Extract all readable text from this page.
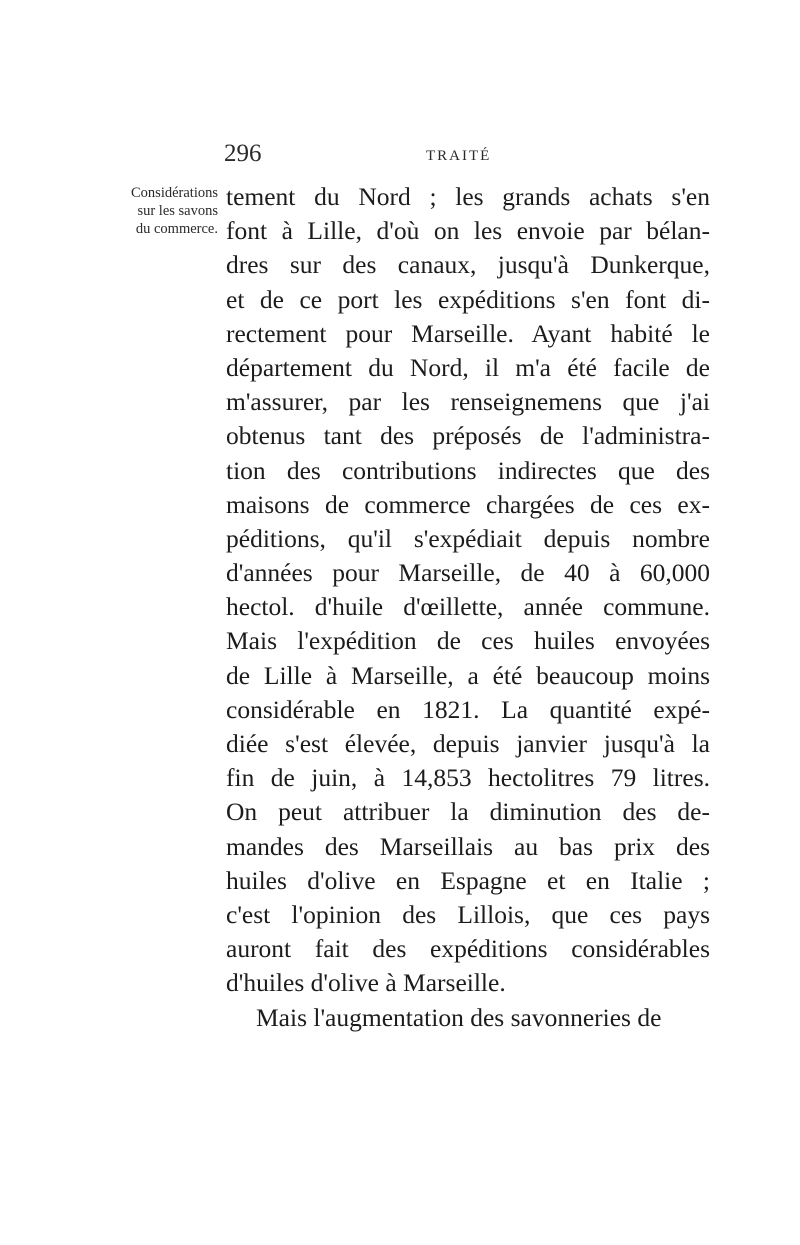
296	TRAITÉ
Considérations
sur les savons
du commerce.
tement du Nord ; les grands achats s'en
font à Lille, d'où on les envoie par bélan-
dres sur des canaux, jusqu'à Dunkerque,
et de ce port les expéditions s'en font di-
rectement pour Marseille. Ayant habité le
département du Nord, il m'a été facile de
m'assurer, par les renseignemens que j'ai
obtenus tant des préposés de l'administra-
tion des contributions indirectes que des
maisons de commerce chargées de ces ex-
péditions, qu'il s'expédiait depuis nombre
d'années pour Marseille, de 40 à 60,000
hectol. d'huile d'œillette, année commune.
Mais l'expédition de ces huiles envoyées
de Lille à Marseille, a été beaucoup moins
considérable en 1821. La quantité expé-
diée s'est élevée, depuis janvier jusqu'à la
fin de juin, à 14,853 hectolitres 79 litres.
On peut attribuer la diminution des de-
mandes des Marseillais au bas prix des
huiles d'olive en Espagne et en Italie ;
c'est l'opinion des Lillois, que ces pays
auront fait des expéditions considérables
d'huiles d'olive à Marseille.
Mais l'augmentation des savonneries de
